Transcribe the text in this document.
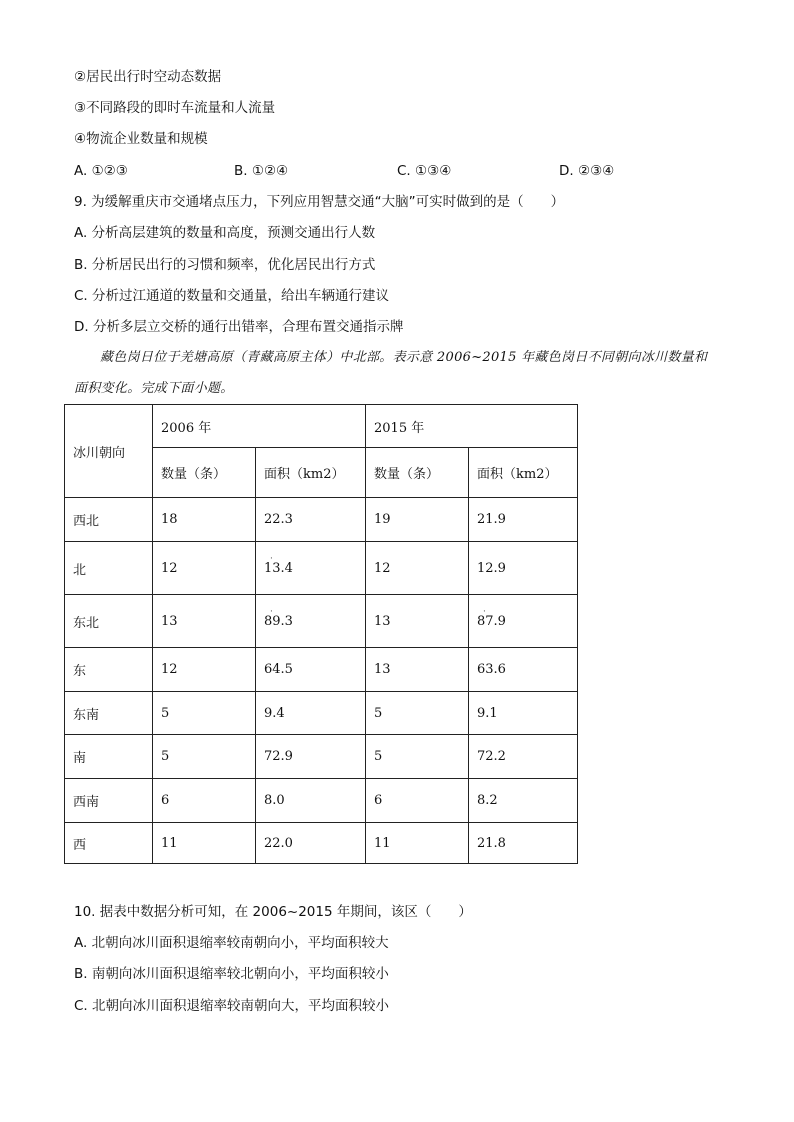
②居民出行时空动态数据
③不同路段的即时车流量和人流量
④物流企业数量和规模
A. ①②③	B. ①②④	C. ①③④	D. ②③④
9. 为缓解重庆市交通堵点压力，下列应用智慧交通“大脑”可实时做到的是（　　）
A. 分析高层建筑的数量和高度，预测交通出行人数
B. 分析居民出行的习惯和频率，优化居民出行方式
C. 分析过江通道的数量和交通量，给出车辆通行建议
D. 分析多层立交桥的通行出错率，合理布置交通指示牌
藏色岗日位于羌塘高原（青藏高原主体）中北部。表示意 2006~2015 年藏色岗日不同朝向冰川数量和
面积变化。完成下面小题。
冰川朝向	2006 年		2015 年	
	数量（条）	面积（km2）	数量（条）	面积（km2）
西北	18	22.3	19	21.9
北	12	13.4 ·	12	12.9
东北	13	89.3 ·	13	87.9 ·
东	12	64.5	13	63.6
东南	5	9.4	5	9.1
南	5	72.9	5	72.2
西南	6	8.0	6	8.2
西	11	22.0	11	21.8
10. 据表中数据分析可知，在 2006~2015 年期间，该区（　　）
A. 北朝向冰川面积退缩率较南朝向小，平均面积较大
B. 南朝向冰川面积退缩率较北朝向小，平均面积较小
C. 北朝向冰川面积退缩率较南朝向大，平均面积较小
